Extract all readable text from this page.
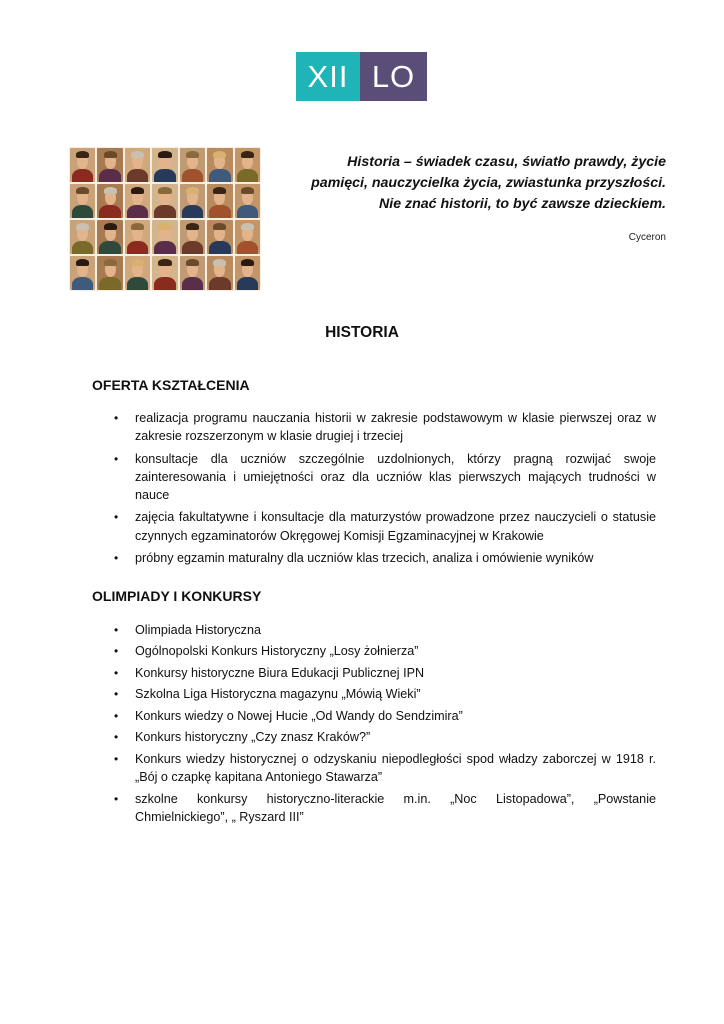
XII LO
Historia – świadek czasu, światło prawdy, życie
pamięci, nauczycielka życia, zwiastunka przyszłości.
Nie znać historii, to być zawsze dzieckiem.
Cyceron
HISTORIA
OFERTA KSZTAŁCENIA
• realizacja programu nauczania historii w zakresie podstawowym w klasie pierwszej oraz w zakresie rozszerzonym w klasie drugiej i trzeciej
• konsultacje dla uczniów szczególnie uzdolnionych, którzy pragną rozwijać swoje zainteresowania i umiejętności oraz dla uczniów klas pierwszych mających trudności w nauce
• zajęcia fakultatywne i konsultacje dla maturzystów prowadzone przez nauczycieli o statusie czynnych egzaminatorów Okręgowej Komisji Egzaminacyjnej w Krakowie
• próbny egzamin maturalny dla uczniów klas trzecich, analiza i omówienie wyników
OLIMPIADY I KONKURSY
• Olimpiada Historyczna
• Ogólnopolski Konkurs Historyczny „Losy żołnierza”
• Konkursy historyczne Biura Edukacji Publicznej IPN
• Szkolna Liga Historyczna magazynu „Mówią Wieki”
• Konkurs wiedzy o Nowej Hucie „Od Wandy do Sendzimira”
• Konkurs historyczny „Czy znasz Kraków?”
• Konkurs wiedzy historycznej o odzyskaniu niepodległości spod władzy zaborczej w 1918 r. „Bój o czapkę kapitana Antoniego Stawarza”
• szkolne konkursy historyczno-literackie m.in. „Noc Listopadowa”, „Powstanie Chmielnickiego”, „ Ryszard III”
